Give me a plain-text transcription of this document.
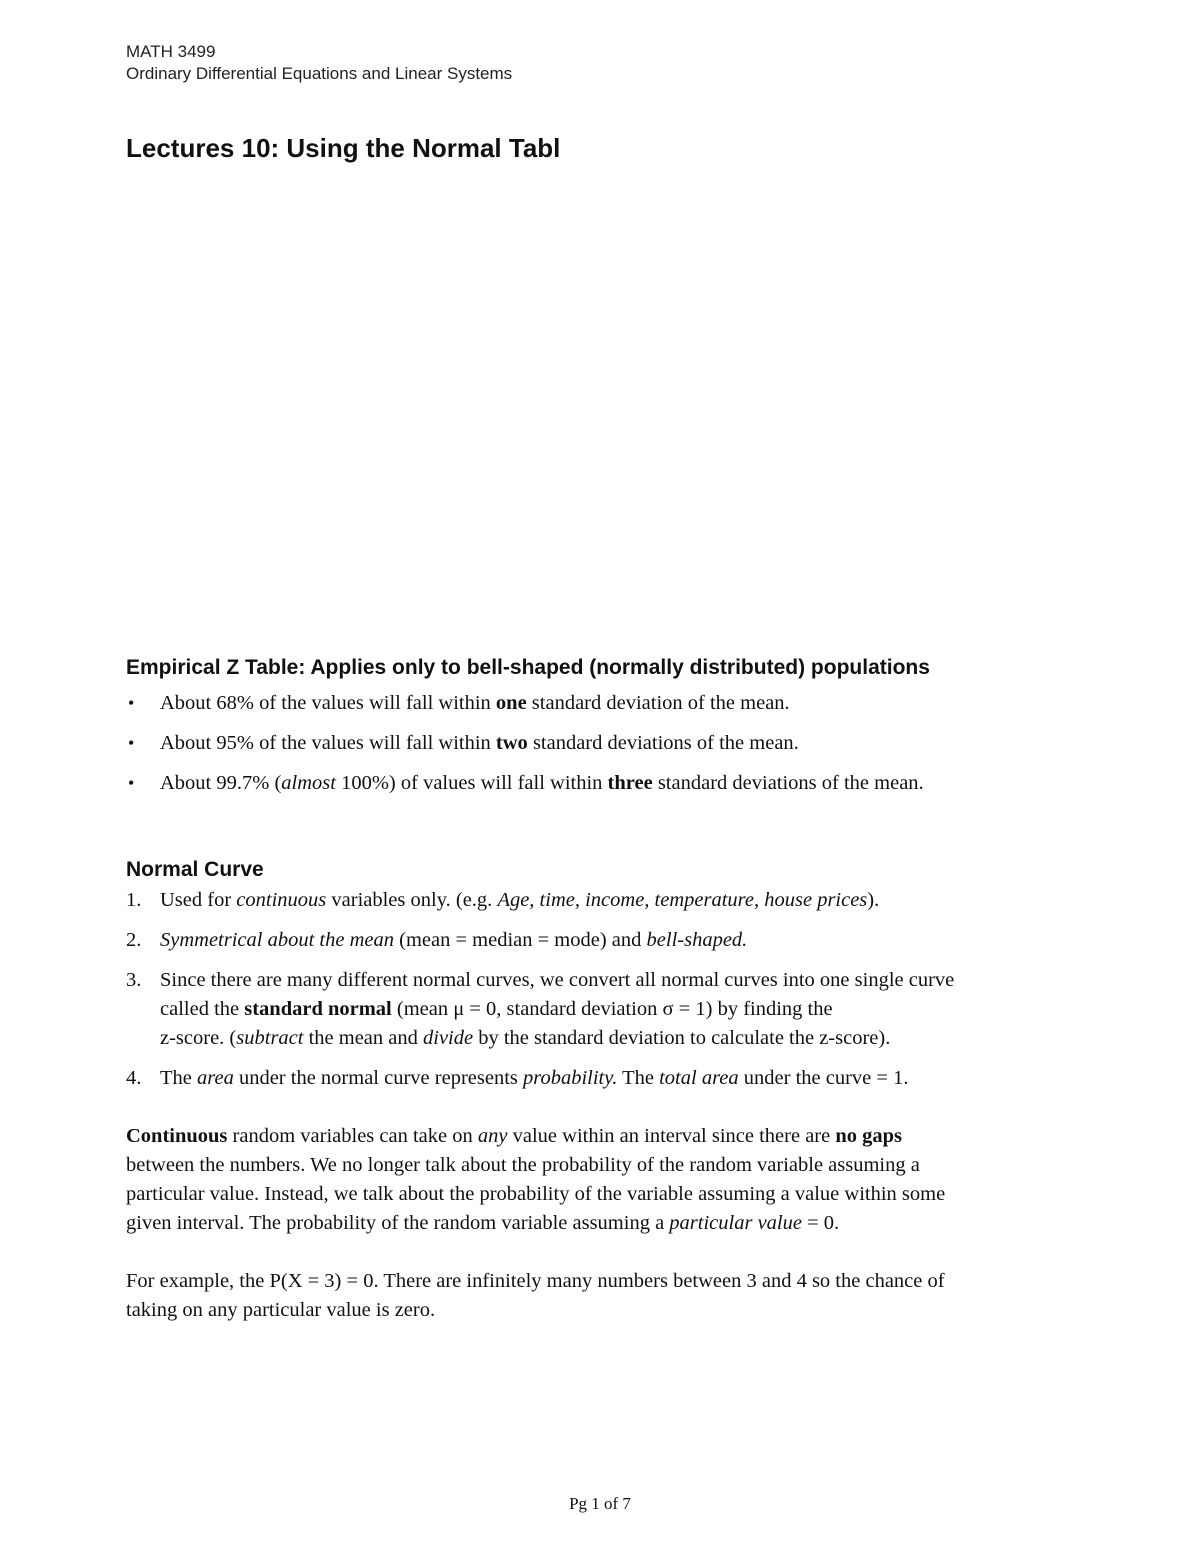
MATH 3499
Ordinary Differential Equations and Linear Systems
Lectures 10: Using the Normal Tabl
Empirical Z Table: Applies only to bell-shaped (normally distributed) populations
•	About 68% of the values will fall within one standard deviation of the mean.
•	About 95% of the values will fall within two standard deviations of the mean.
•	About 99.7% (almost 100%) of values will fall within three standard deviations of the mean.
Normal Curve
1. Used for continuous variables only. (e.g. Age, time, income, temperature, house prices).
2. Symmetrical about the mean (mean = median = mode) and bell-shaped.
3. Since there are many different normal curves, we convert all normal curves into one single curve
called the standard normal (mean μ = 0, standard deviation σ = 1) by finding the
z-score. (subtract the mean and divide by the standard deviation to calculate the z-score).
4. The area under the normal curve represents probability. The total area under the curve = 1.
Continuous random variables can take on any value within an interval since there are no gaps
between the numbers. We no longer talk about the probability of the random variable assuming a
particular value. Instead, we talk about the probability of the variable assuming a value within some
given interval. The probability of the random variable assuming a particular value = 0.
For example, the P(X = 3) = 0. There are infinitely many numbers between 3 and 4 so the chance of
taking on any particular value is zero.
Pg 1 of 7
